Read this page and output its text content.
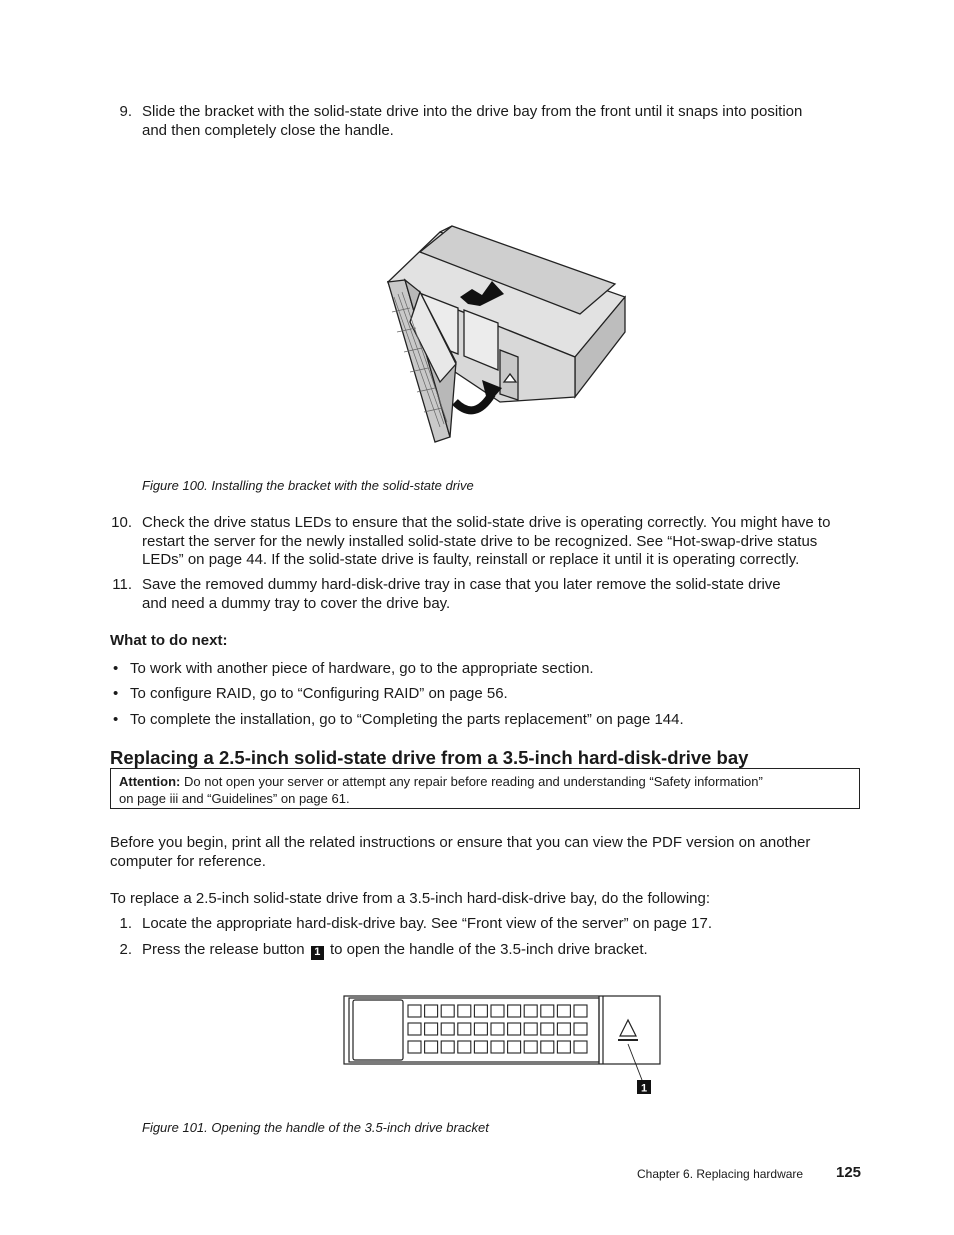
9. Slide the bracket with the solid-state drive into the drive bay from the front until it snaps into position
and then completely close the handle.
Figure 100. Installing the bracket with the solid-state drive
10. Check the drive status LEDs to ensure that the solid-state drive is operating correctly. You might have to
restart the server for the newly installed solid-state drive to be recognized. See “Hot-swap-drive status
LEDs” on page 44. If the solid-state drive is faulty, reinstall or replace it until it is operating correctly.
11. Save the removed dummy hard-disk-drive tray in case that you later remove the solid-state drive
and need a dummy tray to cover the drive bay.
What to do next:
• To work with another piece of hardware, go to the appropriate section.
• To configure RAID, go to “Configuring RAID” on page 56.
• To complete the installation, go to “Completing the parts replacement” on page 144.
Replacing a 2.5-inch solid-state drive from a 3.5-inch hard-disk-drive bay
Attention: Do not open your server or attempt any repair before reading and understanding “Safety information”
on page iii and “Guidelines” on page 61.
Before you begin, print all the related instructions or ensure that you can view the PDF version on another
computer for reference.
To replace a 2.5-inch solid-state drive from a 3.5-inch hard-disk-drive bay, do the following:
1. Locate the appropriate hard-disk-drive bay. See “Front view of the server” on page 17.
2. Press the release button 1 to open the handle of the 3.5-inch drive bracket.
1
Figure 101. Opening the handle of the 3.5-inch drive bracket
Chapter 6. Replacing hardware 125
